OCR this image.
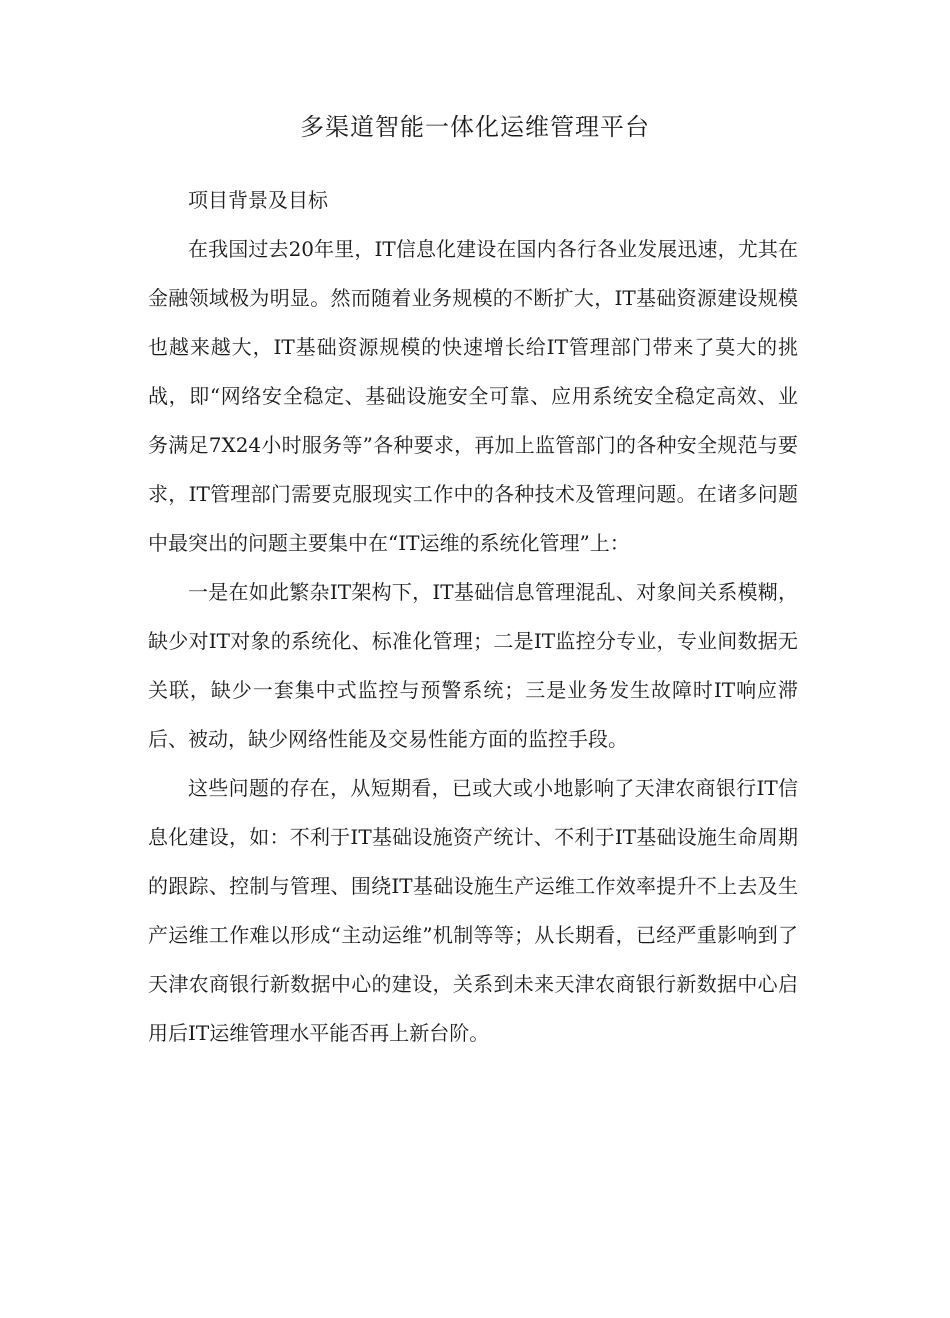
多渠道智能一体化运维管理平台

项目背景及目标

在我国过去20年里，IT信息化建设在国内各行各业发展迅速，尤其在金融领域极为明显。然而随着业务规模的不断扩大，IT基础资源建设规模也越来越大，IT基础资源规模的快速增长给IT管理部门带来了莫大的挑战，即“网络安全稳定、基础设施安全可靠、应用系统安全稳定高效、业务满足7X24小时服务等”各种要求，再加上监管部门的各种安全规范与要求，IT管理部门需要克服现实工作中的各种技术及管理问题。在诸多问题中最突出的问题主要集中在“IT运维的系统化管理”上：

一是在如此繁杂IT架构下，IT基础信息管理混乱、对象间关系模糊，缺少对IT对象的系统化、标准化管理；二是IT监控分专业，专业间数据无关联，缺少一套集中式监控与预警系统；三是业务发生故障时IT响应滞后、被动，缺少网络性能及交易性能方面的监控手段。

这些问题的存在，从短期看，已或大或小地影响了天津农商银行IT信息化建设，如：不利于IT基础设施资产统计、不利于IT基础设施生命周期的跟踪、控制与管理、围绕IT基础设施生产运维工作效率提升不上去及生产运维工作难以形成“主动运维”机制等等；从长期看，已经严重影响到了天津农商银行新数据中心的建设，关系到未来天津农商银行新数据中心启用后IT运维管理水平能否再上新台阶。
